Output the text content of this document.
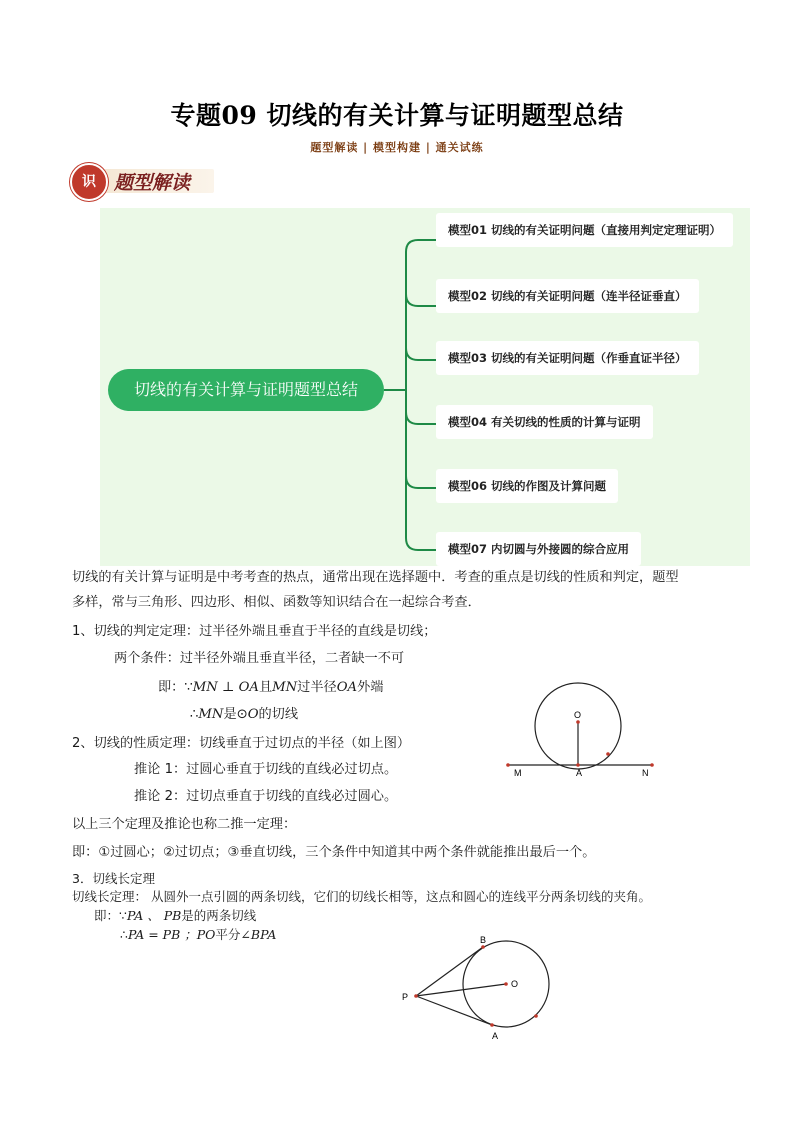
专题09 切线的有关计算与证明题型总结
题型解读 | 模型构建 | 通关试练
识 题型解读
切线的有关计算与证明题型总结
模型01 切线的有关证明问题（直接用判定定理证明）
模型02 切线的有关证明问题（连半径证垂直）
模型03 切线的有关证明问题（作垂直证半径）
模型04 有关切线的性质的计算与证明
模型06 切线的作图及计算问题
模型07 内切圆与外接圆的综合应用
切线的有关计算与证明是中考考查的热点，通常出现在选择题中．考查的重点是切线的性质和判定，题型
多样，常与三角形、四边形、相似、函数等知识结合在一起综合考查．
1、切线的判定定理：过半径外端且垂直于半径的直线是切线；
两个条件：过半径外端且垂直半径，二者缺一不可
即：∵MN ⊥ OA且MN过半径OA外端
∴MN是⊙O的切线
2、切线的性质定理：切线垂直于过切点的半径（如上图）
推论 1：过圆心垂直于切线的直线必过切点。
推论 2：过切点垂直于切线的直线必过圆心。
以上三个定理及推论也称二推一定理：
即：①过圆心；②过切点；③垂直切线，三个条件中知道其中两个条件就能推出最后一个。
3．切线长定理
切线长定理： 从圆外一点引圆的两条切线，它们的切线长相等，这点和圆心的连线平分两条切线的夹角。
即：∵PA 、 PB是的两条切线
∴PA = PB ；PO平分∠BPA
O
M	A	N
B
O
P
A
